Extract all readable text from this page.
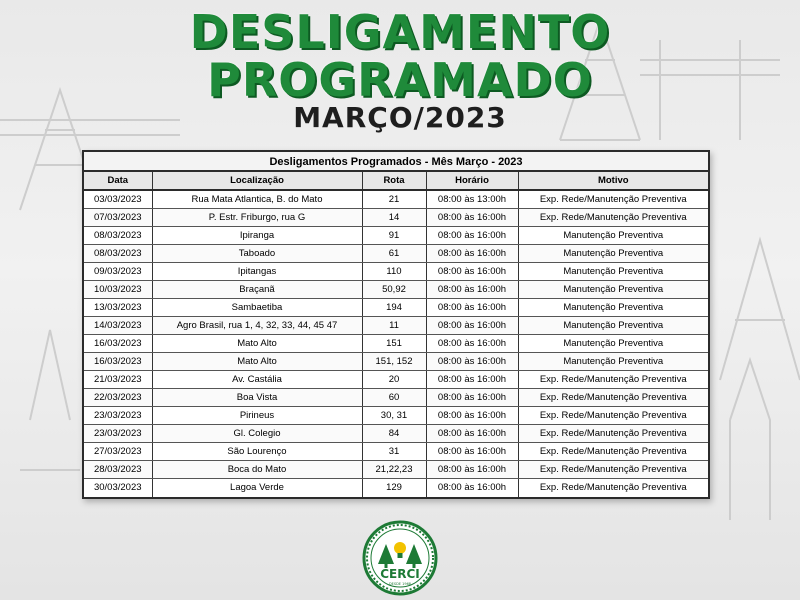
DESLIGAMENTO
PROGRAMADO
MARÇO/2023
Desligamentos Programados - Mês Março - 2023
Data	Localização	Rota	Horário	Motivo
03/03/2023	Rua Mata Atlantica, B. do Mato	21	08:00 às 13:00h	Exp. Rede/Manutenção Preventiva
07/03/2023	P. Estr. Friburgo, rua G	14	08:00 às 16:00h	Exp. Rede/Manutenção Preventiva
08/03/2023	Ipiranga	91	08:00 às 16:00h	Manutenção Preventiva
08/03/2023	Taboado	61	08:00 às 16:00h	Manutenção Preventiva
09/03/2023	Ipitangas	110	08:00 às 16:00h	Manutenção Preventiva
10/03/2023	Braçanã	50,92	08:00 às 16:00h	Manutenção Preventiva
13/03/2023	Sambaetiba	194	08:00 às 16:00h	Manutenção Preventiva
14/03/2023	Agro Brasil, rua 1, 4, 32, 33, 44, 45 47	11	08:00 às 16:00h	Manutenção Preventiva
16/03/2023	Mato Alto	151	08:00 às 16:00h	Manutenção Preventiva
16/03/2023	Mato Alto	151, 152	08:00 às 16:00h	Manutenção Preventiva
21/03/2023	Av. Castália	20	08:00 às 16:00h	Exp. Rede/Manutenção Preventiva
22/03/2023	Boa Vista	60	08:00 às 16:00h	Exp. Rede/Manutenção Preventiva
23/03/2023	Pirineus	30, 31	08:00 às 16:00h	Exp. Rede/Manutenção Preventiva
23/03/2023	Gl. Colegio	84	08:00 às 16:00h	Exp. Rede/Manutenção Preventiva
27/03/2023	São Lourenço	31	08:00 às 16:00h	Exp. Rede/Manutenção Preventiva
28/03/2023	Boca do Mato	21,22,23	08:00 às 16:00h	Exp. Rede/Manutenção Preventiva
30/03/2023	Lagoa Verde	129	08:00 às 16:00h	Exp. Rede/Manutenção Preventiva
CERCI
DESDE 1968
